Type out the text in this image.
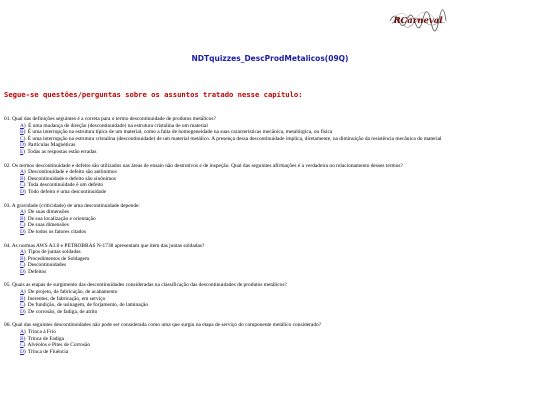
RCarneval
NDTquizzes_DescProdMetalicos(09Q)
Segue-se questões/perguntas sobre os assuntos tratado nesse capítulo:
01. Qual das definições seguintes é a correta para o termo descontinuidade de produtos metálicos?
A ) É uma mudança de direção (descontinuidade) na estrutura cristalina de um material
B ) É uma interrupção na estrutura típica de um material, como a falta de homogeneidade na suas características mecânica, metalúrgica, ou física
C ) É uma interrupção na estrutura cristalina (descontinuidade) de um material metálico. A presença dessa descontinuidade implica, diretamente, na diminuição da resistência mecânica do material
D ) Partículas Magnéticas
E ) Todas as respostas estão erradas
02. Os termos descontinuidade e defeito são utilizados nas áreas de ensaio não destrutivos e de inspeção. Qual das seguintes afirmações é a verdadeira no relacionamento desses termos?
A ) Descontinuidade e defeito são antônimos
B ) Descontinuidade e defeito são sinônimos
C ) Toda descontinuidade é um defeito
D ) Todo defeito é uma descontinuidade
03. A gravidade (criticidade) de uma descontinuidade depende:
A ) De suas dimensões
B ) De sua localização e orientação
C ) De suas dimensões
D ) De todos os fatores citados
04. As normas AWS A3.0 e PETROBRAS N-1738 apresentam que item das juntas soldadas?
A ) Tipos de juntas soldadas
B ) Procedimentos de Soldagem
C ) Descontinuidades
D ) Defeitos
05. Quais as etapas de surgimento das descontinuidades consideradas na classificação das descontinuidades de produtos metálicos?
A ) De projeto, de fabricação, de acabamento
B ) Inerentes, de fabricação, em serviço
C ) De fundição, de usinagem, de forjamento, de laminação
D ) De corrosão, de fadiga, de atrito
06. Qual das seguintes descontinuidades não pode ser considerada como uma que surgiu na etapa de serviço do componente metálico considerado?
A ) Trinca à Frio
B ) Trinca de Fadiga
C ) Alvéolos e Pites de Corrosão
D ) Trinca de Fluência
